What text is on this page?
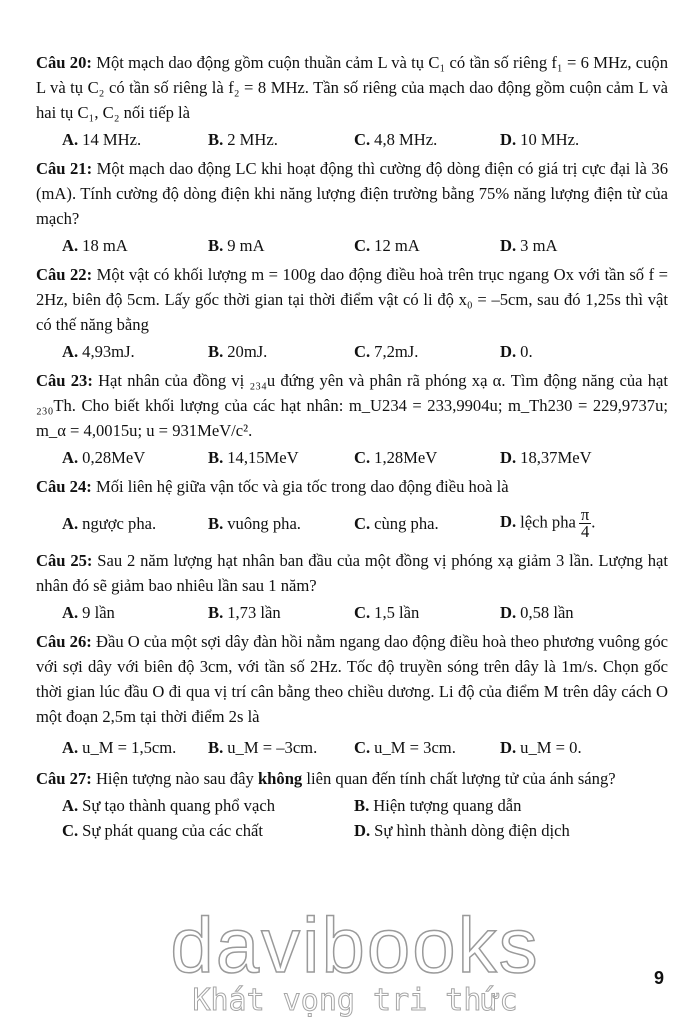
Câu 20: Một mạch dao động gồm cuộn thuần cảm L và tụ C₁ có tần số riêng f₁ = 6 MHz, cuộn L và tụ C₂ có tần số riêng là f₂ = 8 MHz. Tần số riêng của mạch dao động gồm cuộn cảm L và hai tụ C₁, C₂ nối tiếp là
A. 14 MHz.	B. 2 MHz.	C. 4,8 MHz.	D. 10 MHz.
Câu 21: Một mạch dao động LC khi hoạt động thì cường độ dòng điện có giá trị cực đại là 36 (mA). Tính cường độ dòng điện khi năng lượng điện trường bằng 75% năng lượng điện từ của mạch?
A. 18 mA	B. 9 mA	C. 12 mA	D. 3 mA
Câu 22: Một vật có khối lượng m = 100g dao động điều hoà trên trục ngang Ox với tần số f = 2Hz, biên độ 5cm. Lấy gốc thời gian tại thời điểm vật có li độ x₀ = –5cm, sau đó 1,25s thì vật có thế năng bằng
A. 4,93mJ.	B. 20mJ.	C. 7,2mJ.	D. 0.
Câu 23: Hạt nhân của đồng vị ₂₃₄u đứng yên và phân rã phóng xạ α. Tìm động năng của hạt ₂₃₀Th. Cho biết khối lượng của các hạt nhân: m_U234 = 233,9904u; m_Th230 = 229,9737u; m_α = 4,0015u; u = 931MeV/c².
A. 0,28MeV	B. 14,15MeV	C. 1,28MeV	D. 18,37MeV
Câu 24: Mối liên hệ giữa vận tốc và gia tốc trong dao động điều hoà là
A. ngược pha.	B. vuông pha.	C. cùng pha.	D. lệch pha $\frac{\pi}{4}$ .
Câu 25: Sau 2 năm lượng hạt nhân ban đầu của một đồng vị phóng xạ giảm 3 lần. Lượng hạt nhân đó sẽ giảm bao nhiêu lần sau 1 năm?
A. 9 lần	B. 1,73 lần	C. 1,5 lần	D. 0,58 lần
Câu 26: Đầu O của một sợi dây đàn hồi nằm ngang dao động điều hoà theo phương vuông góc với sợi dây với biên độ 3cm, với tần số 2Hz. Tốc độ truyền sóng trên dây là 1m/s. Chọn gốc thời gian lúc đầu O đi qua vị trí cân bằng theo chiều dương. Li độ của điểm M trên dây cách O một đoạn 2,5m tại thời điểm 2s là
A. u_M = 1,5cm.	B. u_M = –3cm.	C. u_M = 3cm.	D. u_M = 0.
Câu 27: Hiện tượng nào sau đây không liên quan đến tính chất lượng tử của ánh sáng?
A. Sự tạo thành quang phổ vạch	B. Hiện tượng quang dẫn
C. Sự phát quang của các chất	D. Sự hình thành dòng điện dịch
davibooks
Khát vọng tri thức
9
